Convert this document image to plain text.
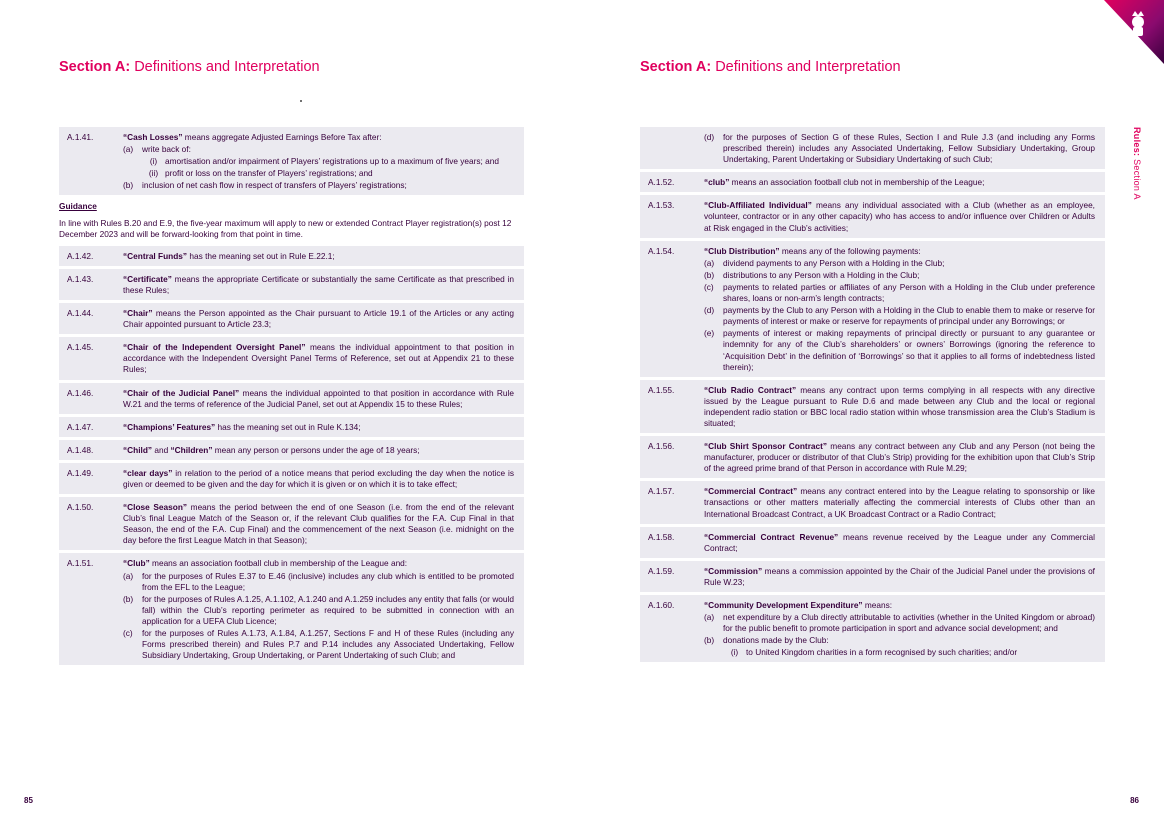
Section A: Definitions and Interpretation
A.1.41.	“Cash Losses” means aggregate Adjusted Earnings Before Tax after:
(a)	write back of:
(i) amortisation and/or impairment of Players’ registrations up to a maximum of five years; and
(ii) profit or loss on the transfer of Players’ registrations; and
(b)	inclusion of net cash flow in respect of transfers of Players’ registrations;
Guidance
In line with Rules B.20 and E.9, the five-year maximum will apply to new or extended Contract Player registration(s) post 12 December 2023 and will be forward-looking from that point in time.
A.1.42.	“Central Funds” has the meaning set out in Rule E.22.1;
A.1.43.	“Certificate” means the appropriate Certificate or substantially the same Certificate as that prescribed in these Rules;
A.1.44.	“Chair” means the Person appointed as the Chair pursuant to Article 19.1 of the Articles or any acting Chair appointed pursuant to Article 23.3;
A.1.45.	“Chair of the Independent Oversight Panel” means the individual appointment to that position in accordance with the Independent Oversight Panel Terms of Reference, set out at Appendix 21 to these Rules;
A.1.46.	“Chair of the Judicial Panel” means the individual appointed to that position in accordance with Rule W.21 and the terms of reference of the Judicial Panel, set out at Appendix 15 to these Rules;
A.1.47.	“Champions’ Features” has the meaning set out in Rule K.134;
A.1.48.	“Child” and “Children” mean any person or persons under the age of 18 years;
A.1.49.	“clear days” in relation to the period of a notice means that period excluding the day when the notice is given or deemed to be given and the day for which it is given or on which it is to take effect;
A.1.50.	“Close Season” means the period between the end of one Season (i.e. from the end of the relevant Club’s final League Match of the Season or, if the relevant Club qualifies for the F.A. Cup Final in that Season, the end of the F.A. Cup Final) and the commencement of the next Season (i.e. midnight on the day before the first League Match in that Season);
A.1.51.	“Club” means an association football club in membership of the League and:
(a)	for the purposes of Rules E.37 to E.46 (inclusive) includes any club which is entitled to be promoted from the EFL to the League;
(b)	for the purposes of Rules A.1.25, A.1.102, A.1.240 and A.1.259 includes any entity that falls (or would fall) within the Club’s reporting perimeter as required to be submitted in connection with an application for a UEFA Club Licence;
(c)	for the purposes of Rules A.1.73, A.1.84, A.1.257, Sections F and H of these Rules (including any Forms prescribed therein) and Rules P.7 and P.14 includes any Associated Undertaking, Fellow Subsidiary Undertaking, Group Undertaking, or Parent Undertaking of such Club; and
85
Section A: Definitions and Interpretation
(d)	for the purposes of Section G of these Rules, Section I and Rule J.3 (and including any Forms prescribed therein) includes any Associated Undertaking, Fellow Subsidiary Undertaking, Group Undertaking, Parent Undertaking or Subsidiary Undertaking of such Club;
A.1.52.	“club” means an association football club not in membership of the League;
A.1.53.	“Club-Affiliated Individual” means any individual associated with a Club (whether as an employee, volunteer, contractor or in any other capacity) who has access to and/or influence over Children or Adults at Risk engaged in the Club’s activities;
A.1.54.	“Club Distribution” means any of the following payments:
(a)	dividend payments to any Person with a Holding in the Club;
(b)	distributions to any Person with a Holding in the Club;
(c)	payments to related parties or affiliates of any Person with a Holding in the Club under preference shares, loans or non-arm’s length contracts;
(d)	payments by the Club to any Person with a Holding in the Club to enable them to make or reserve for payments of interest or make or reserve for repayments of principal under any Borrowings; or
(e)	payments of interest or making repayments of principal directly or pursuant to any guarantee or indemnity for any of the Club’s shareholders’ or owners’ Borrowings (ignoring the reference to ‘Acquisition Debt’ in the definition of ‘Borrowings’ so that it applies to all forms of indebtedness listed therein);
A.1.55.	“Club Radio Contract” means any contract upon terms complying in all respects with any directive issued by the League pursuant to Rule D.6 and made between any Club and the local or regional independent radio station or BBC local radio station within whose transmission area the Club’s Stadium is situated;
A.1.56.	“Club Shirt Sponsor Contract” means any contract between any Club and any Person (not being the manufacturer, producer or distributor of that Club’s Strip) providing for the exhibition upon that Club’s Strip of the agreed prime brand of that Person in accordance with Rule M.29;
A.1.57.	“Commercial Contract” means any contract entered into by the League relating to sponsorship or like transactions or other matters materially affecting the commercial interests of Clubs other than an International Broadcast Contract, a UK Broadcast Contract or a Radio Contract;
A.1.58.	“Commercial Contract Revenue” means revenue received by the League under any Commercial Contract;
A.1.59.	“Commission” means a commission appointed by the Chair of the Judicial Panel under the provisions of Rule W.23;
A.1.60.	“Community Development Expenditure” means:
(a)	net expenditure by a Club directly attributable to activities (whether in the United Kingdom or abroad) for the public benefit to promote participation in sport and advance social development; and
(b)	donations made by the Club:
(i) to United Kingdom charities in a form recognised by such charities; and/or
Rules: Section A
86
